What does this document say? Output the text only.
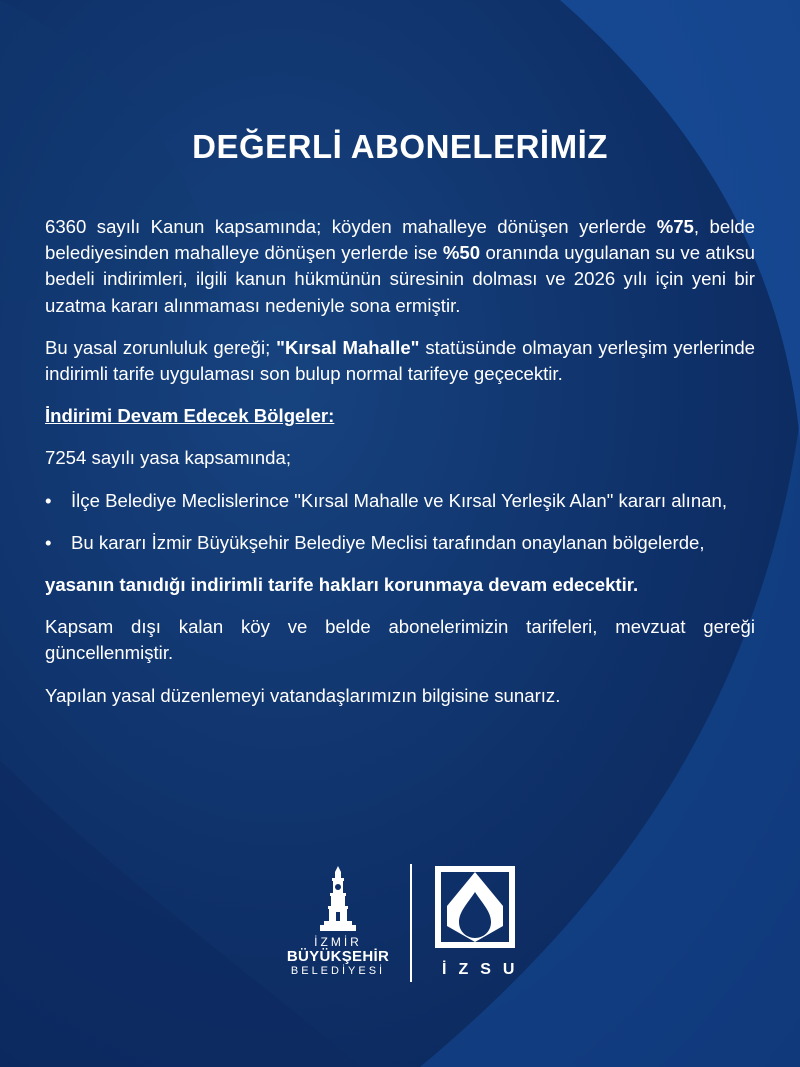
DEĞERLİ ABONELERİMİZ

6360 sayılı Kanun kapsamında; köyden mahalleye dönüşen yerlerde %75, belde belediyesinden mahalleye dönüşen yerlerde ise %50 oranında uygulanan su ve atıksu bedeli indirimleri, ilgili kanun hükmünün süresinin dolması ve 2026 yılı için yeni bir uzatma kararı alınmaması nedeniyle sona ermiştir.

Bu yasal zorunluluk gereği; "Kırsal Mahalle" statüsünde olmayan yerleşim yerlerinde indirimli tarife uygulaması son bulup normal tarifeye geçecektir.

İndirimi Devam Edecek Bölgeler:

7254 sayılı yasa kapsamında;

•	İlçe Belediye Meclislerince "Kırsal Mahalle ve Kırsal Yerleşik Alan" kararı alınan,

•	Bu kararı İzmir Büyükşehir Belediye Meclisi tarafından onaylanan bölgelerde,

yasanın tanıdığı indirimli tarife hakları korunmaya devam edecektir.

Kapsam dışı kalan köy ve belde abonelerimizin tarifeleri, mevzuat gereği güncellenmiştir.

Yapılan yasal düzenlemeyi vatandaşlarımızın bilgisine sunarız.

İZMİR
BÜYÜKŞEHİR
BELEDİYESİ	İZSU
